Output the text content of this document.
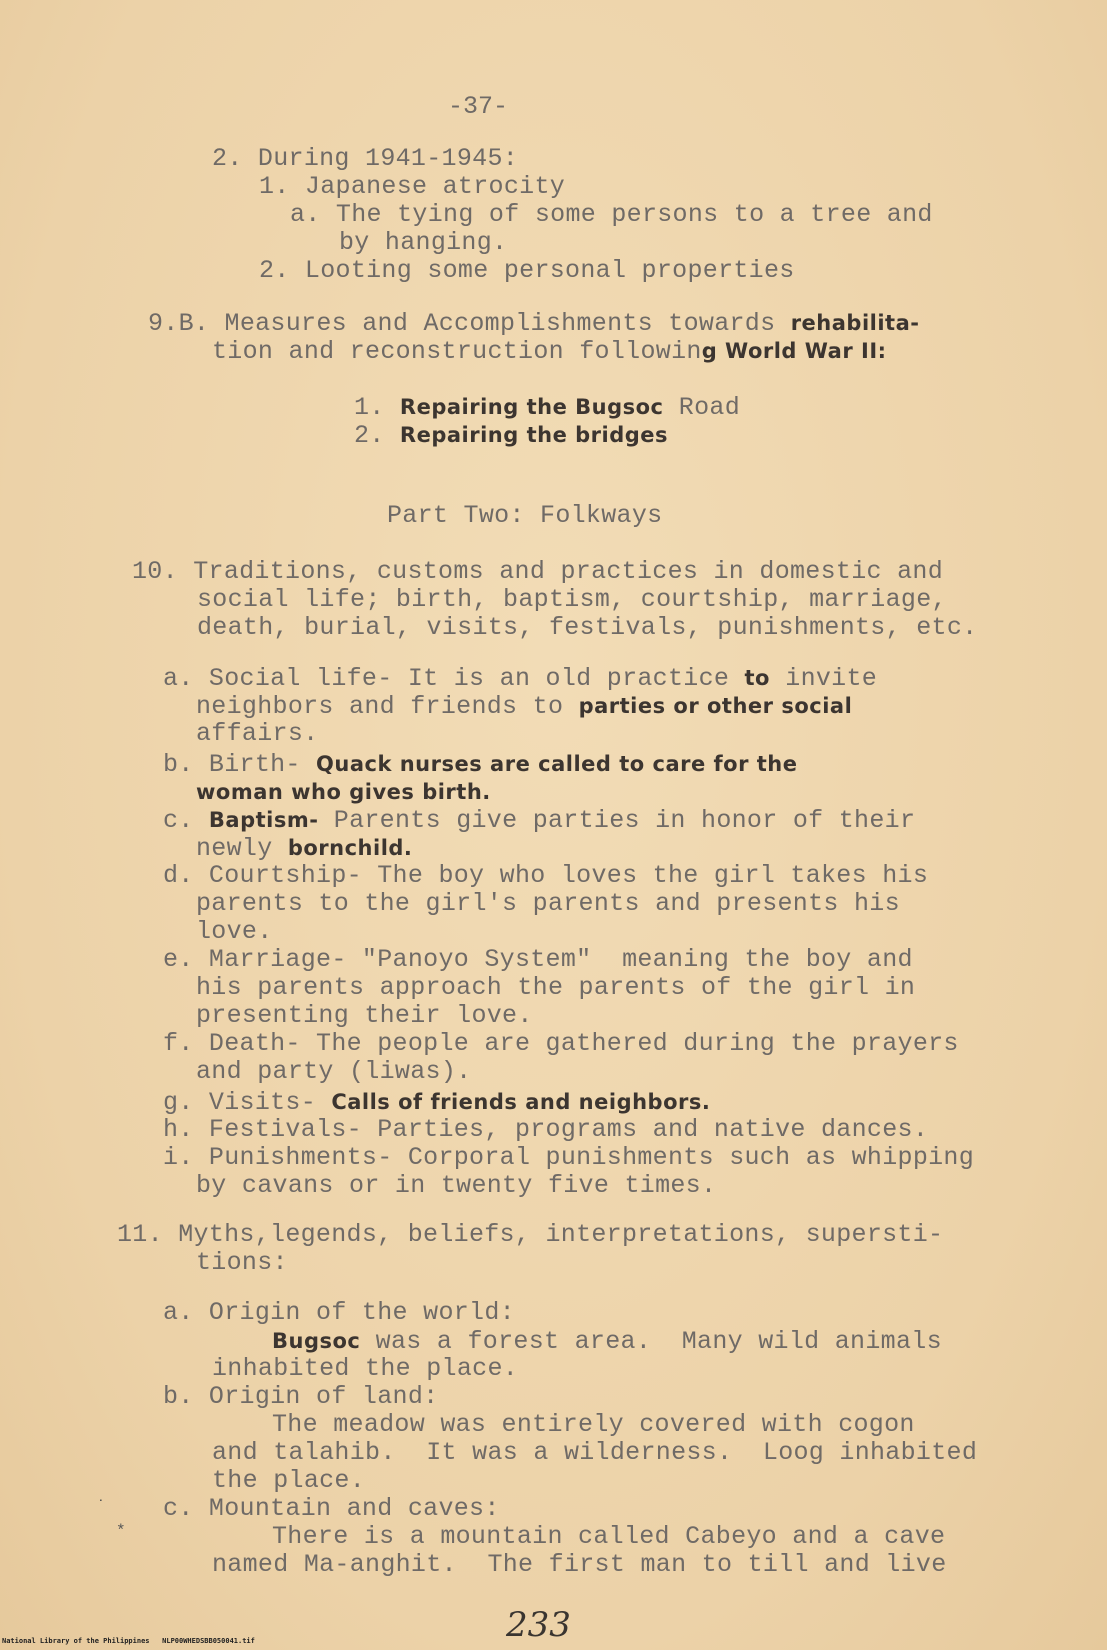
-37-
2. During 1941-1945:
1. Japanese atrocity
a. The tying of some persons to a tree and
by hanging.
2. Looting some personal properties
9.B. Measures and Accomplishments towards rehabilita-
tion and reconstruction following World War II:
1. Repairing the Bugsoc Road
2. Repairing the bridges
Part Two: Folkways
10. Traditions, customs and practices in domestic and
social life; birth, baptism, courtship, marriage,
death, burial, visits, festivals, punishments, etc.
a. Social life- It is an old practice to invite
neighbors and friends to parties or other social
affairs.
b. Birth- Quack nurses are called to care for the
woman who gives birth.
c. Baptism- Parents give parties in honor of their
newly bornchild.
d. Courtship- The boy who loves the girl takes his
parents to the girl's parents and presents his
love.
e. Marriage- "Panoyo System"  meaning the boy and
his parents approach the parents of the girl in
presenting their love.
f. Death- The people are gathered during the prayers
and party (liwas).
g. Visits- Calls of friends and neighbors.
h. Festivals- Parties, programs and native dances.
i. Punishments- Corporal punishments such as whipping
by cavans or in twenty five times.
11. Myths,legends, beliefs, interpretations, supersti-
tions:
a. Origin of the world:
Bugsoc was a forest area.  Many wild animals
inhabited the place.
b. Origin of land:
The meadow was entirely covered with cogon
and talahib.  It was a wilderness.  Loog inhabited
the place.
c. Mountain and caves:
There is a mountain called Cabeyo and a cave
named Ma-anghit.  The first man to till and live
˙
*
233
National Library of the Philippines   NLP00WHEDSBB050041.tif
